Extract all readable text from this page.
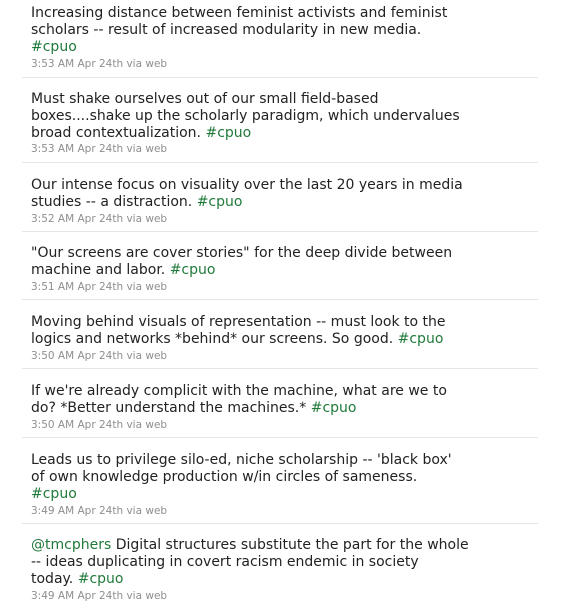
Increasing distance between feminist activists and feminist
scholars -- result of increased modularity in new media.
#cpuo
3:53 AM Apr 24th via web
Must shake ourselves out of our small field-based
boxes....shake up the scholarly paradigm, which undervalues
broad contextualization. #cpuo
3:53 AM Apr 24th via web
Our intense focus on visuality over the last 20 years in media
studies -- a distraction. #cpuo
3:52 AM Apr 24th via web
"Our screens are cover stories" for the deep divide between
machine and labor. #cpuo
3:51 AM Apr 24th via web
Moving behind visuals of representation -- must look to the
logics and networks *behind* our screens. So good. #cpuo
3:50 AM Apr 24th via web
If we're already complicit with the machine, what are we to
do? *Better understand the machines.* #cpuo
3:50 AM Apr 24th via web
Leads us to privilege silo-ed, niche scholarship -- 'black box'
of own knowledge production w/in circles of sameness.
#cpuo
3:49 AM Apr 24th via web
@tmcphers Digital structures substitute the part for the whole
-- ideas duplicating in covert racism endemic in society
today. #cpuo
3:49 AM Apr 24th via web
